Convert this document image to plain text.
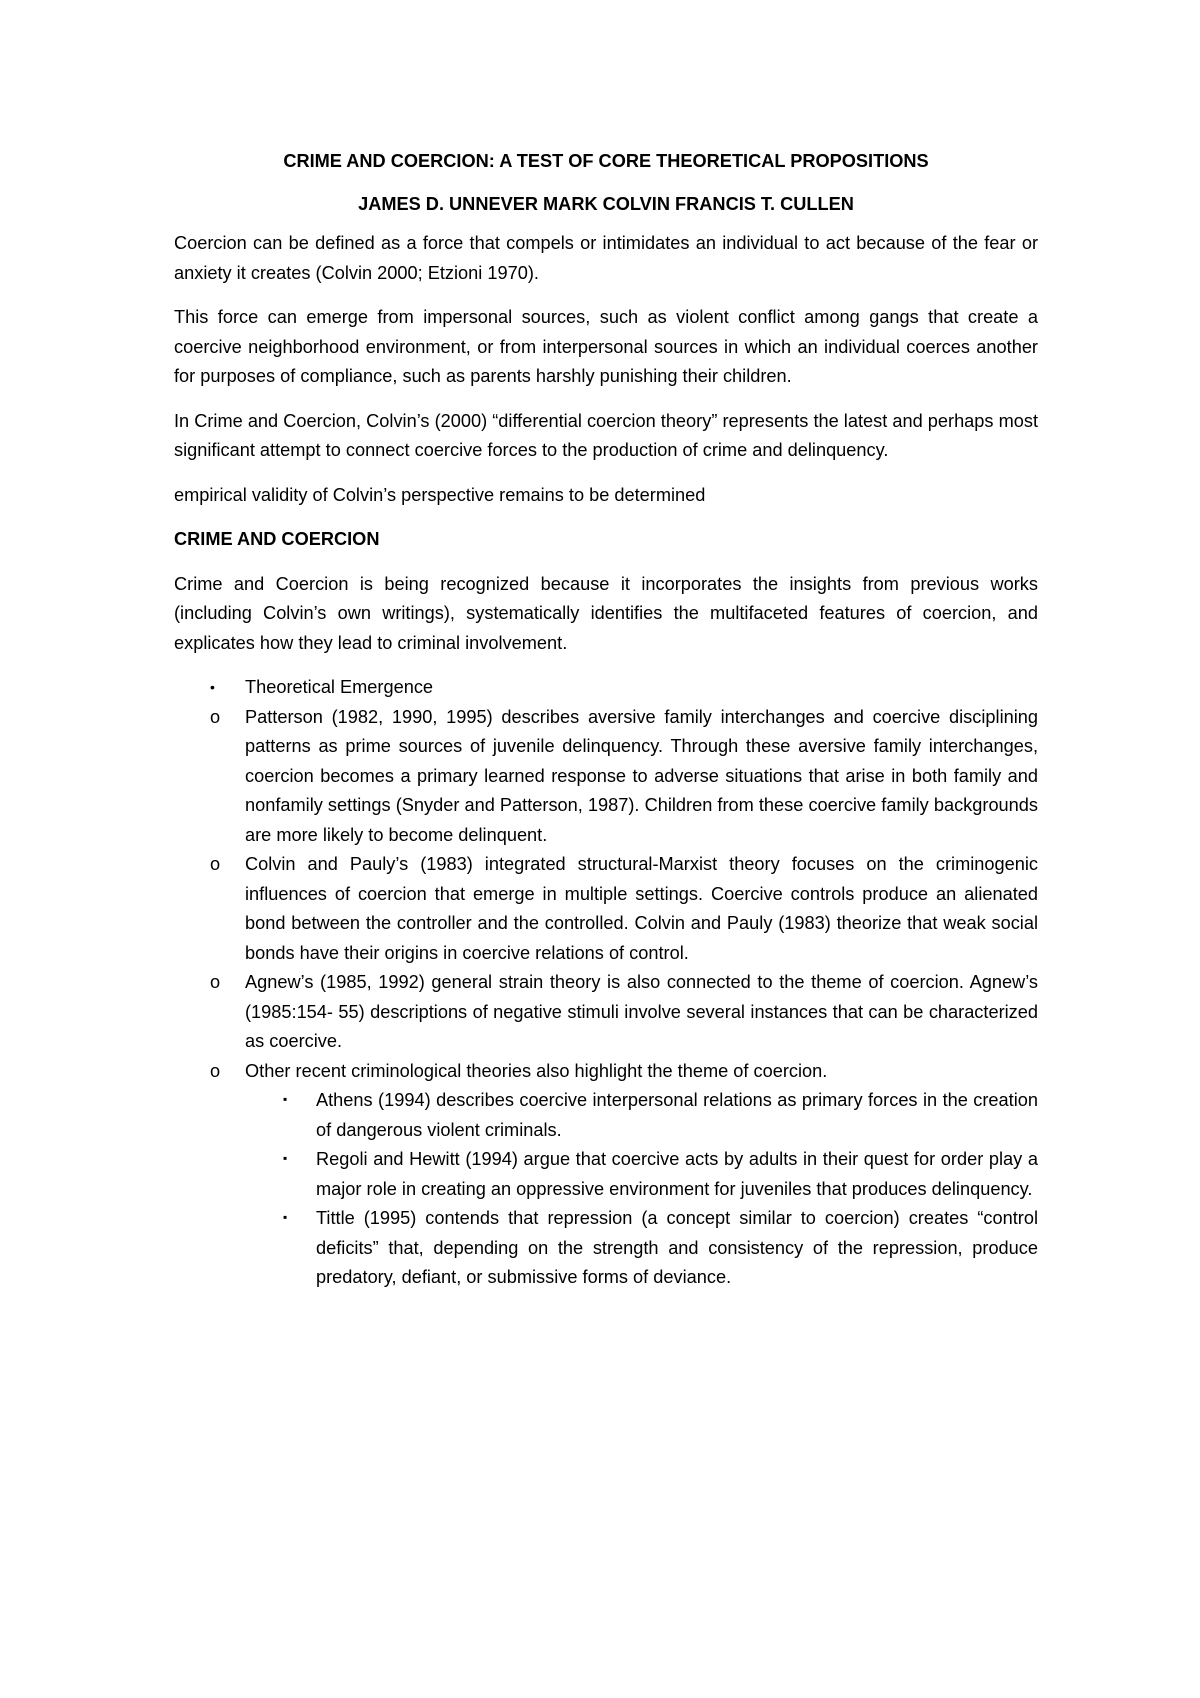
CRIME AND COERCION: A TEST OF CORE THEORETICAL PROPOSITIONS
JAMES D. UNNEVER MARK COLVIN FRANCIS T. CULLEN

Coercion can be defined as a force that compels or intimidates an individual to act because of the fear or anxiety it creates (Colvin 2000; Etzioni 1970).

This force can emerge from impersonal sources, such as violent conflict among gangs that create a coercive neighborhood environment, or from interpersonal sources in which an individual coerces another for purposes of compliance, such as parents harshly punishing their children.

In Crime and Coercion, Colvin’s (2000) “differential coercion theory” represents the latest and perhaps most significant attempt to connect coercive forces to the production of crime and delinquency.

empirical validity of Colvin’s perspective remains to be determined

CRIME AND COERCION

Crime and Coercion is being recognized because it incorporates the insights from previous works (including Colvin’s own writings), systematically identifies the multifaceted features of coercion, and explicates how they lead to criminal involvement.

• Theoretical Emergence
o Patterson (1982, 1990, 1995) describes aversive family interchanges and coercive disciplining patterns as prime sources of juvenile delinquency. Through these aversive family interchanges, coercion becomes a primary learned response to adverse situations that arise in both family and nonfamily settings (Snyder and Patterson, 1987). Children from these coercive family backgrounds are more likely to become delinquent.
o Colvin and Pauly’s (1983) integrated structural-Marxist theory focuses on the criminogenic influences of coercion that emerge in multiple settings. Coercive controls produce an alienated bond between the controller and the controlled. Colvin and Pauly (1983) theorize that weak social bonds have their origins in coercive relations of control.
o Agnew’s (1985, 1992) general strain theory is also connected to the theme of coercion. Agnew’s (1985:154- 55) descriptions of negative stimuli involve several instances that can be characterized as coercive.
o Other recent criminological theories also highlight the theme of coercion.
▪ Athens (1994) describes coercive interpersonal relations as primary forces in the creation of dangerous violent criminals.
▪ Regoli and Hewitt (1994) argue that coercive acts by adults in their quest for order play a major role in creating an oppressive environment for juveniles that produces delinquency.
▪ Tittle (1995) contends that repression (a concept similar to coercion) creates “control deficits” that, depending on the strength and consistency of the repression, produce predatory, defiant, or submissive forms of deviance.
